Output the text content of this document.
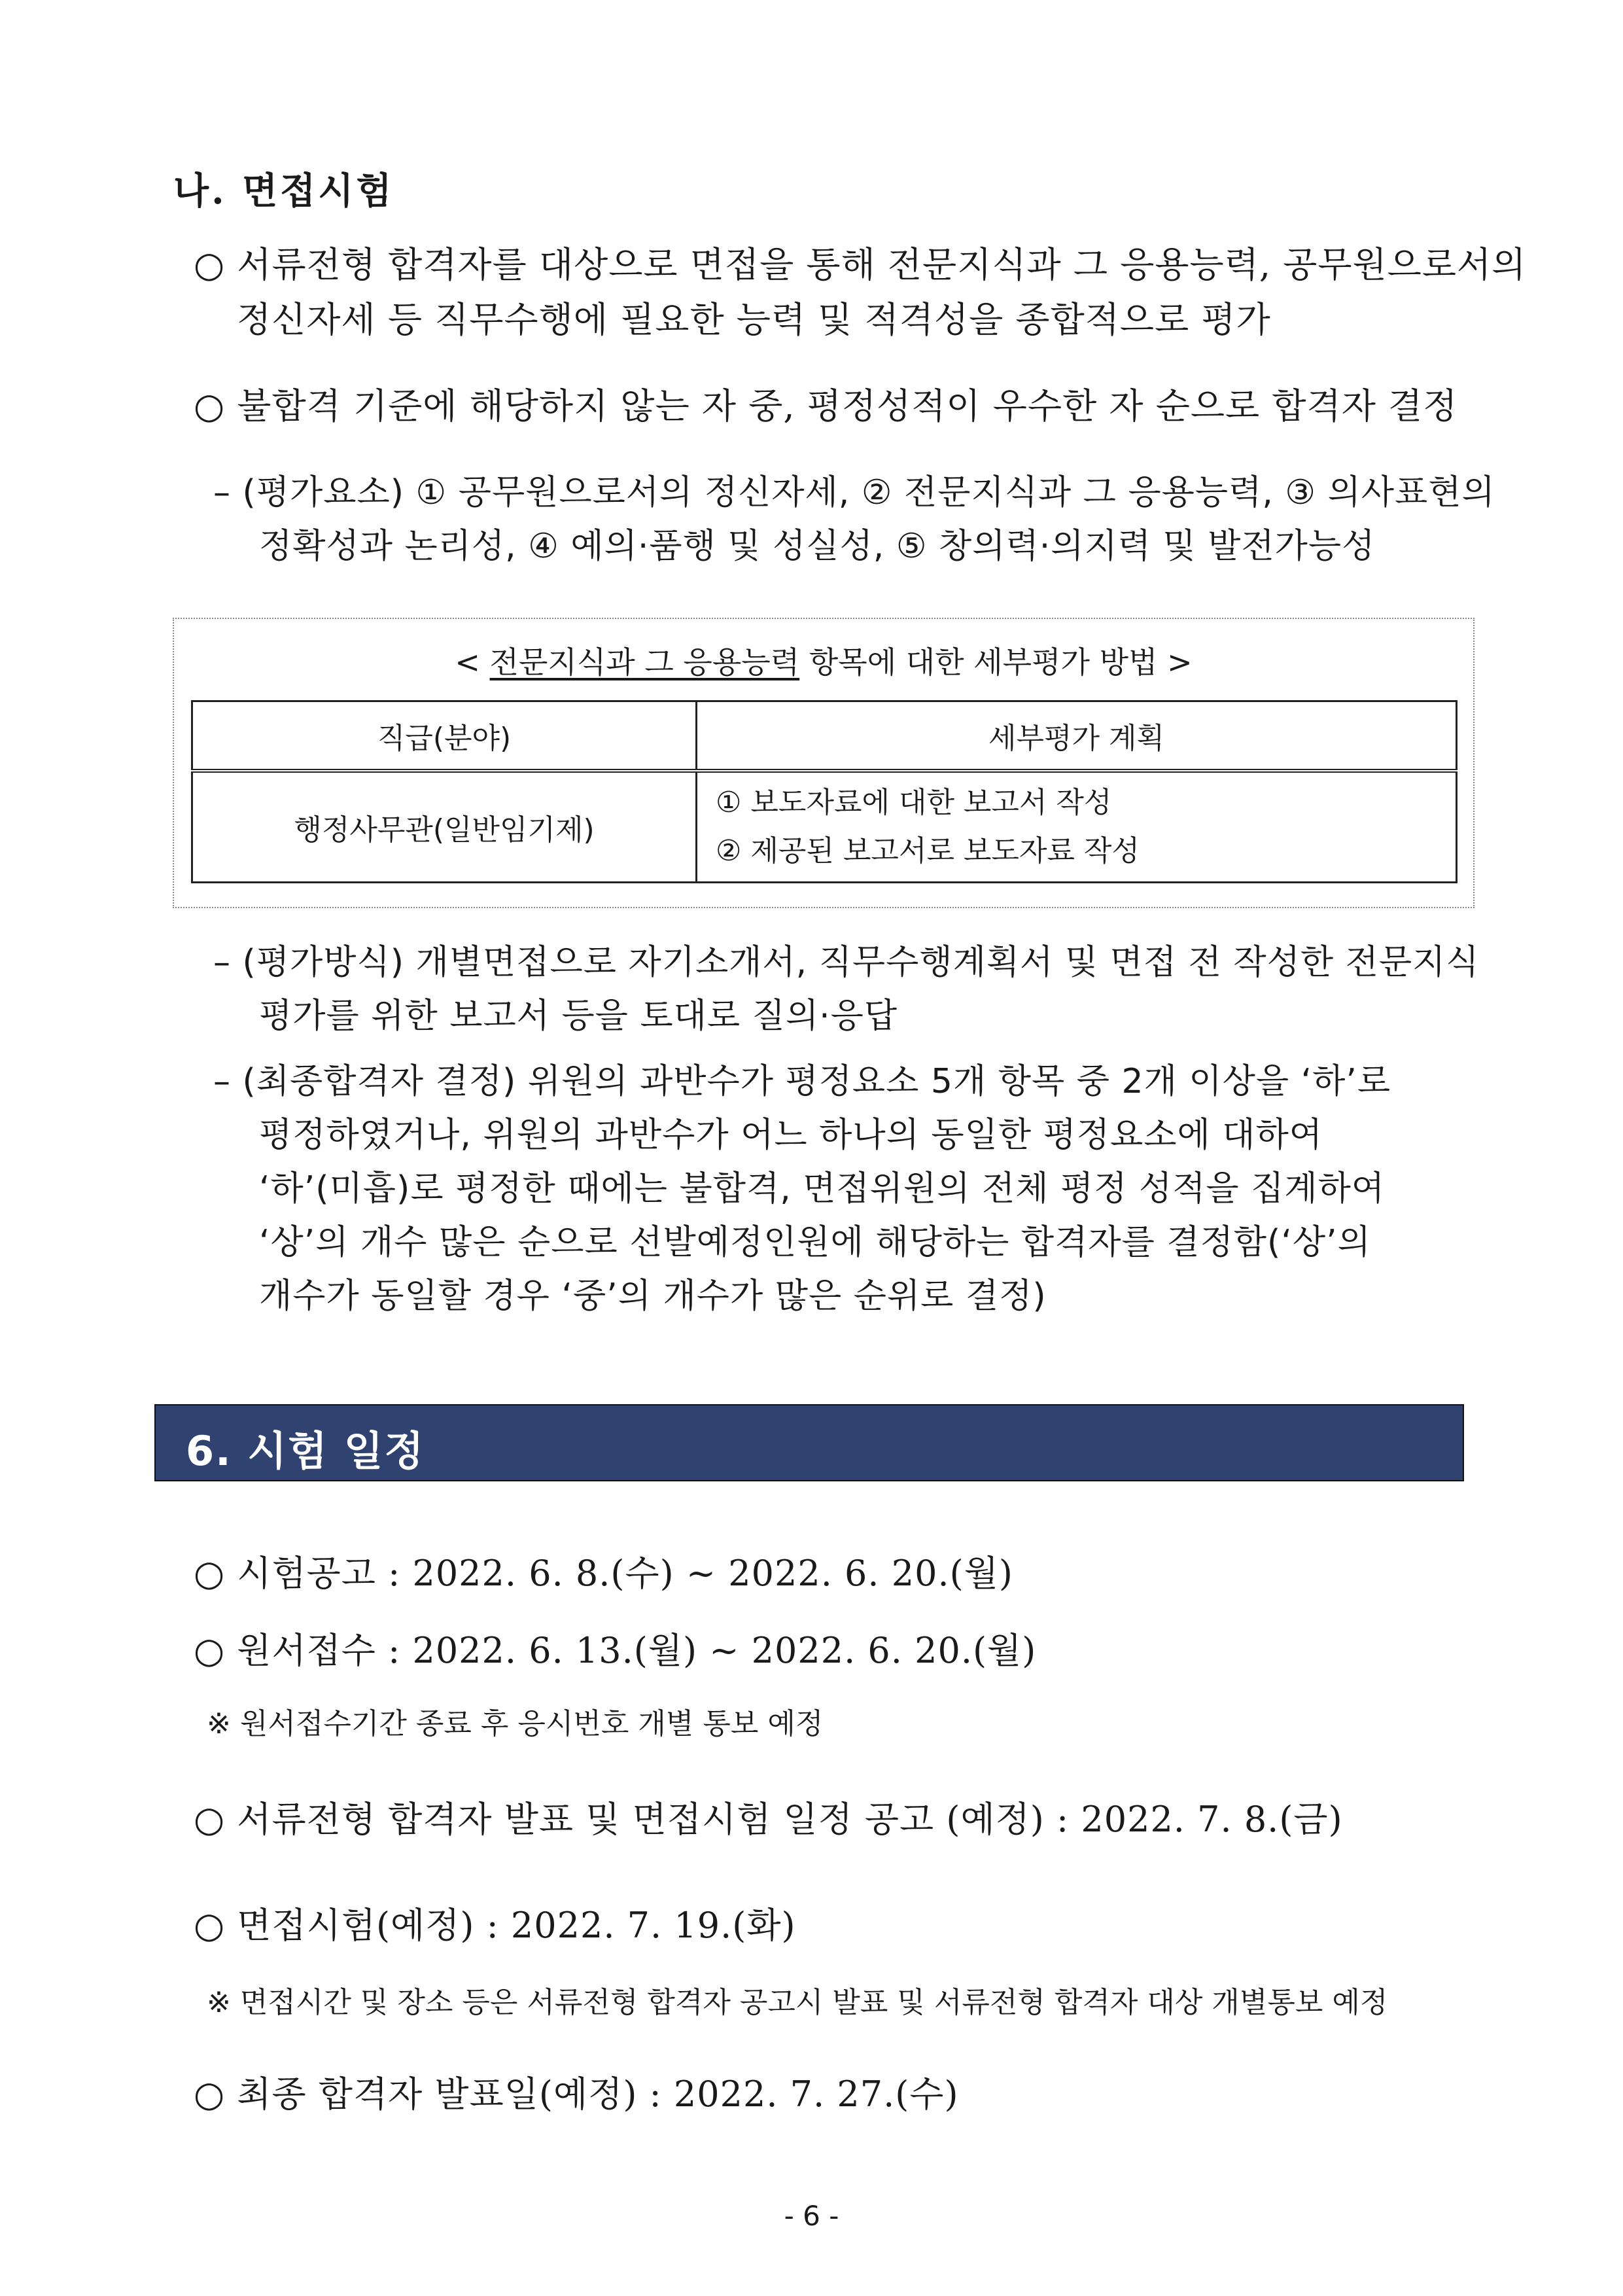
나. 면접시험
○ 서류전형 합격자를 대상으로 면접을 통해 전문지식과 그 응용능력, 공무원으로서의
정신자세 등 직무수행에 필요한 능력 및 적격성을 종합적으로 평가
○ 불합격 기준에 해당하지 않는 자 중, 평정성적이 우수한 자 순으로 합격자 결정
– (평가요소) ① 공무원으로서의 정신자세, ② 전문지식과 그 응용능력, ③ 의사표현의
정확성과 논리성, ④ 예의·품행 및 성실성, ⑤ 창의력·의지력 및 발전가능성
< 전문지식과 그 응용능력 항목에 대한 세부평가 방법 >
직급(분야)	세부평가 계획
행정사무관(일반임기제)	① 보도자료에 대한 보고서 작성
② 제공된 보고서로 보도자료 작성
– (평가방식) 개별면접으로 자기소개서, 직무수행계획서 및 면접 전 작성한 전문지식
평가를 위한 보고서 등을 토대로 질의·응답
– (최종합격자 결정) 위원의 과반수가 평정요소 5개 항목 중 2개 이상을 ‘하’로
평정하였거나, 위원의 과반수가 어느 하나의 동일한 평정요소에 대하여
‘하’(미흡)로 평정한 때에는 불합격, 면접위원의 전체 평정 성적을 집계하여
‘상’의 개수 많은 순으로 선발예정인원에 해당하는 합격자를 결정함(‘상’의
개수가 동일할 경우 ‘중’의 개수가 많은 순위로 결정)
6. 시험 일정
○ 시험공고 : 2022. 6. 8.(수) ~ 2022. 6. 20.(월)
○ 원서접수 : 2022. 6. 13.(월) ~ 2022. 6. 20.(월)
※ 원서접수기간 종료 후 응시번호 개별 통보 예정
○ 서류전형 합격자 발표 및 면접시험 일정 공고 (예정) : 2022. 7. 8.(금)
○ 면접시험(예정) : 2022. 7. 19.(화)
※ 면접시간 및 장소 등은 서류전형 합격자 공고시 발표 및 서류전형 합격자 대상 개별통보 예정
○ 최종 합격자 발표일(예정) : 2022. 7. 27.(수)
- 6 -
